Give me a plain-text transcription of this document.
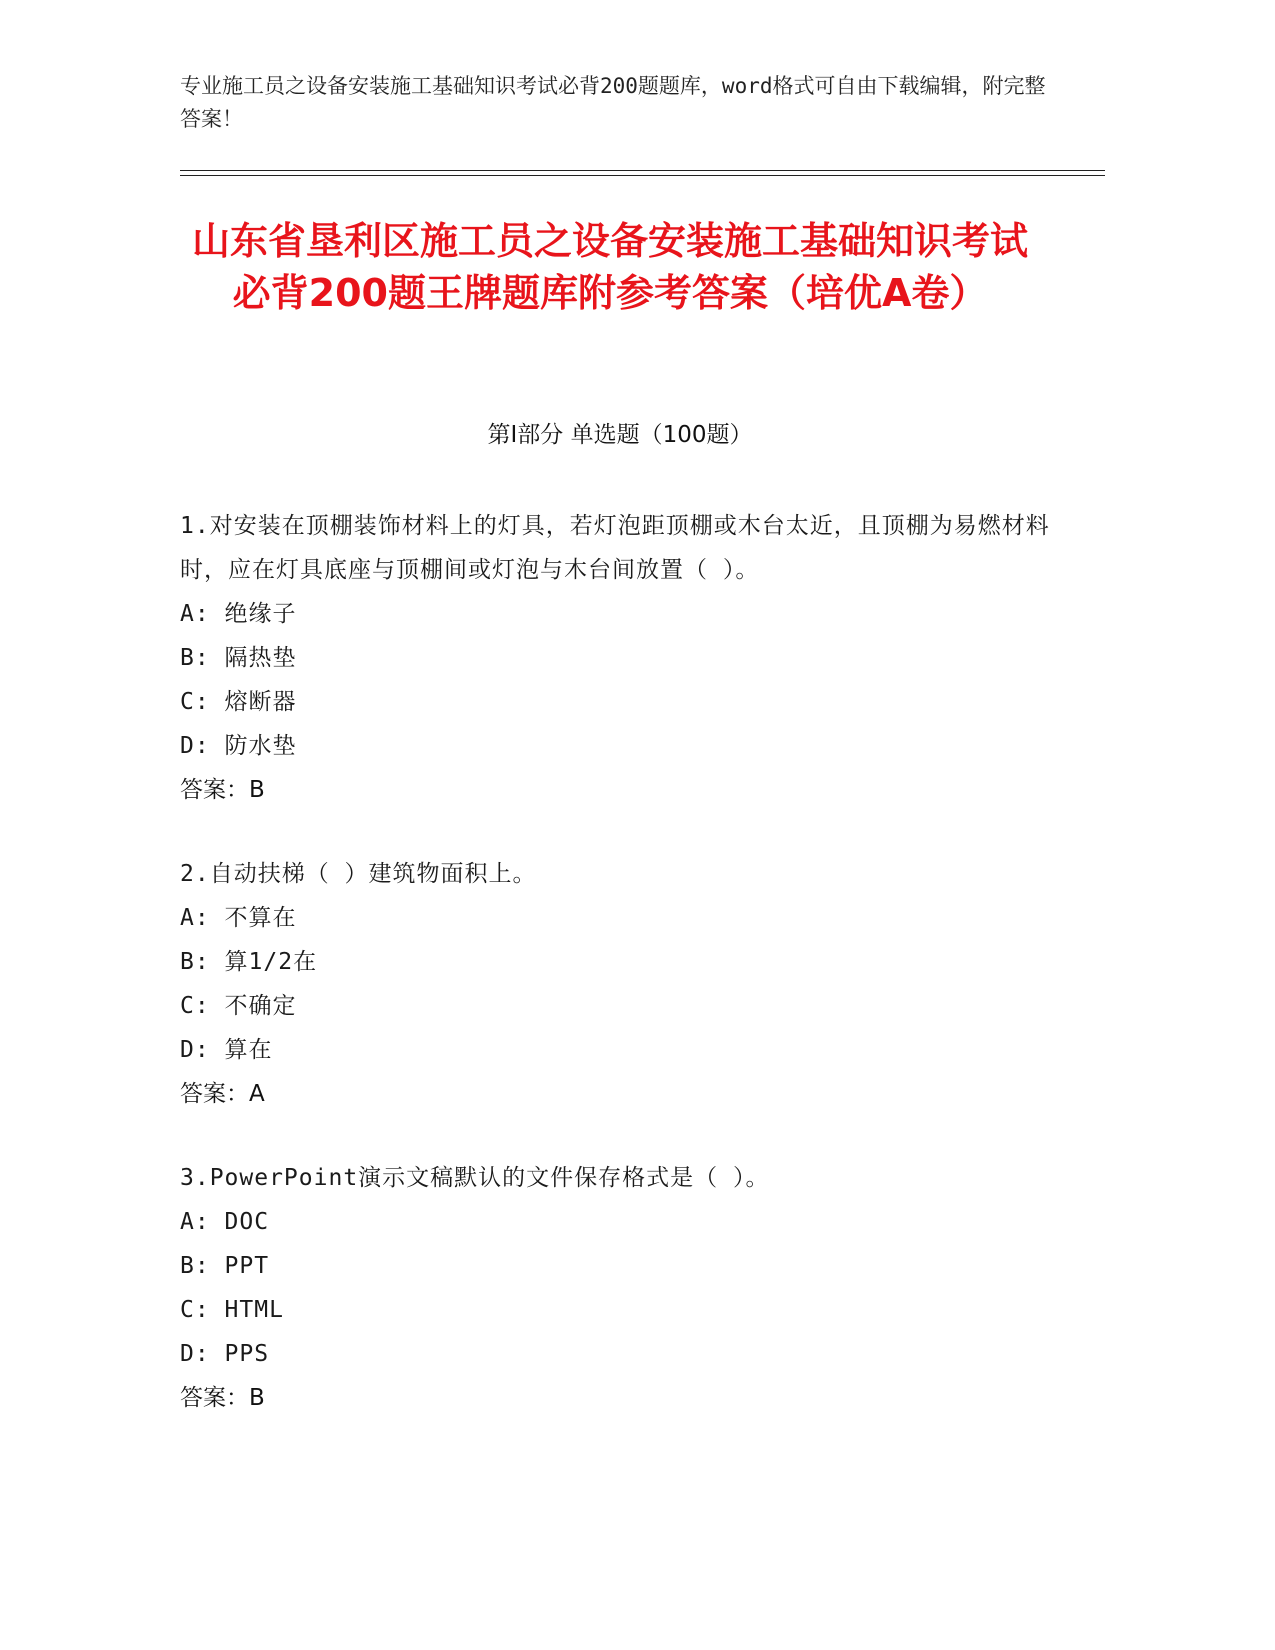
专业施工员之设备安装施工基础知识考试必背200题题库，word格式可自由下载编辑，附完整答案！
山东省垦利区施工员之设备安装施工基础知识考试必背200题王牌题库附参考答案（培优A卷）
第I部分 单选题（100题）
1.对安装在顶棚装饰材料上的灯具，若灯泡距顶棚或木台太近，且顶棚为易燃材料时，应在灯具底座与顶棚间或灯泡与木台间放置（ ）。
A: 绝缘子
B: 隔热垫
C: 熔断器
D: 防水垫
答案：B
2.自动扶梯（ ）建筑物面积上。
A: 不算在
B: 算1/2在
C: 不确定
D: 算在
答案：A
3.PowerPoint演示文稿默认的文件保存格式是（ ）。
A: DOC
B: PPT
C: HTML
D: PPS
答案：B
